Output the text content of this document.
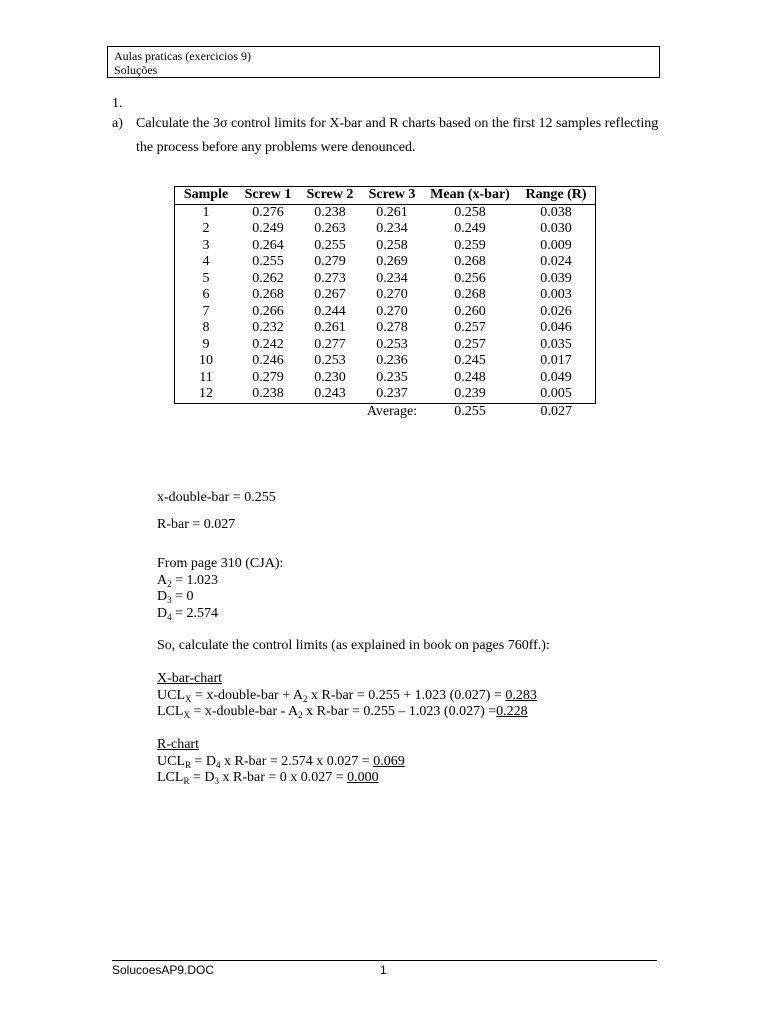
Aulas praticas (exercicios 9)
Soluções
1.
a) Calculate the 3σ control limits for X-bar and R charts based on the first 12 samples reflecting the process before any problems were denounced.
Sample	Screw 1	Screw 2	Screw 3	Mean (x-bar)	Range (R)
1	0.276	0.238	0.261	0.258	0.038
2	0.249	0.263	0.234	0.249	0.030
3	0.264	0.255	0.258	0.259	0.009
4	0.255	0.279	0.269	0.268	0.024
5	0.262	0.273	0.234	0.256	0.039
6	0.268	0.267	0.270	0.268	0.003
7	0.266	0.244	0.270	0.260	0.026
8	0.232	0.261	0.278	0.257	0.046
9	0.242	0.277	0.253	0.257	0.035
10	0.246	0.253	0.236	0.245	0.017
11	0.279	0.230	0.235	0.248	0.049
12	0.238	0.243	0.237	0.239	0.005
			Average:	0.255	0.027
x-double-bar = 0.255
R-bar = 0.027
From page 310 (CJA):
$A_2 = 1.023$
$D_3 = 0$
$D_4 = 2.574$
So, calculate the control limits (as explained in book on pages 760ff.):
X-bar-chart
$UCL_X$ = x-double-bar + $A_2$ x R-bar = 0.255 + 1.023 (0.027) = 0.283
$LCL_X$ = x-double-bar - $A_2$ x R-bar = 0.255 – 1.023 (0.027) =0.228
R-chart
$UCL_R = D_4$ x R-bar = 2.574 x 0.027 = 0.069
$LCL_R = D_3$ x R-bar = 0 x 0.027 = 0.000
SolucoesAP9.DOC	1
